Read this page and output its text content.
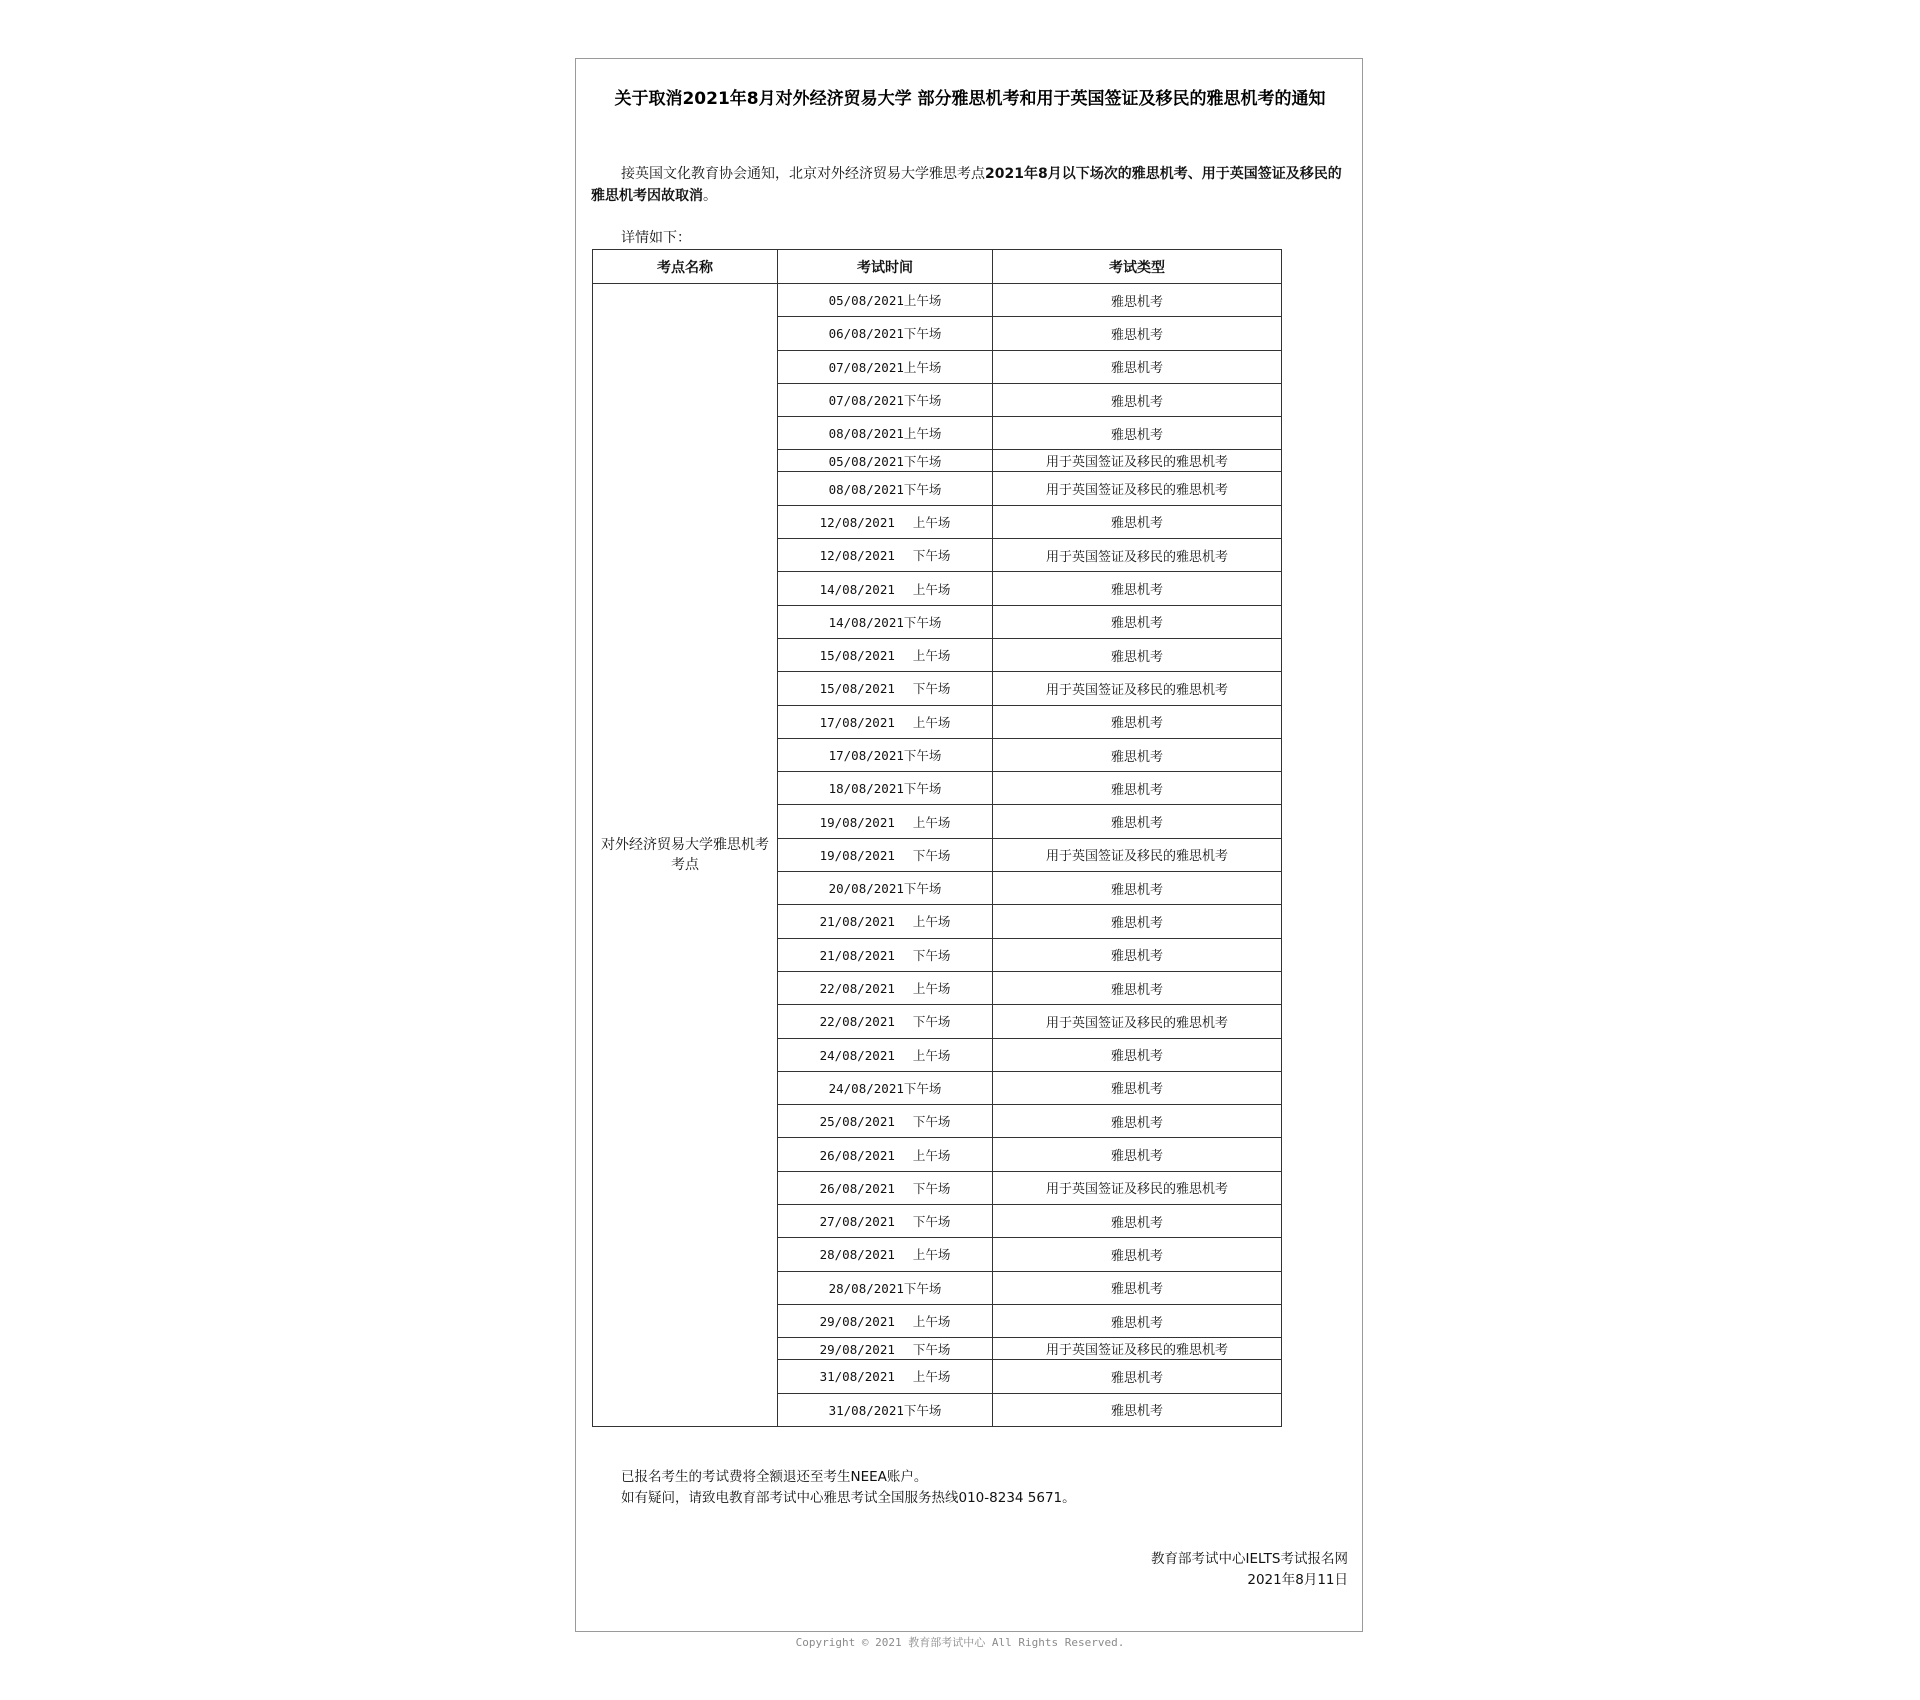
关于取消2021年8月对外经济贸易大学 部分雅思机考和用于英国签证及移民的雅思机考的通知
接英国文化教育协会通知，北京对外经济贸易大学雅思考点2021年8月以下场次的雅思机考、用于英国签证及移民的雅思机考因故取消。
详情如下：
考点名称	考试时间	考试类型
对外经济贸易大学雅思机考考点	05/08/2021上午场	雅思机考
	06/08/2021下午场	雅思机考
	07/08/2021上午场	雅思机考
	07/08/2021下午场	雅思机考
	08/08/2021上午场	雅思机考
	05/08/2021下午场	用于英国签证及移民的雅思机考
	08/08/2021下午场	用于英国签证及移民的雅思机考
	12/08/2021 上午场	雅思机考
	12/08/2021 下午场	用于英国签证及移民的雅思机考
	14/08/2021 上午场	雅思机考
	14/08/2021下午场	雅思机考
	15/08/2021 上午场	雅思机考
	15/08/2021 下午场	用于英国签证及移民的雅思机考
	17/08/2021 上午场	雅思机考
	17/08/2021下午场	雅思机考
	18/08/2021下午场	雅思机考
	19/08/2021 上午场	雅思机考
	19/08/2021 下午场	用于英国签证及移民的雅思机考
	20/08/2021下午场	雅思机考
	21/08/2021 上午场	雅思机考
	21/08/2021 下午场	雅思机考
	22/08/2021 上午场	雅思机考
	22/08/2021 下午场	用于英国签证及移民的雅思机考
	24/08/2021 上午场	雅思机考
	24/08/2021下午场	雅思机考
	25/08/2021 下午场	雅思机考
	26/08/2021 上午场	雅思机考
	26/08/2021 下午场	用于英国签证及移民的雅思机考
	27/08/2021 下午场	雅思机考
	28/08/2021 上午场	雅思机考
	28/08/2021下午场	雅思机考
	29/08/2021 上午场	雅思机考
	29/08/2021 下午场	用于英国签证及移民的雅思机考
	31/08/2021 上午场	雅思机考
	31/08/2021下午场	雅思机考
已报名考生的考试费将全额退还至考生NEEA账户。
如有疑问，请致电教育部考试中心雅思考试全国服务热线010-8234 5671。
教育部考试中心IELTS考试报名网
2021年8月11日
Copyright © 2021 教育部考试中心 All Rights Reserved.
